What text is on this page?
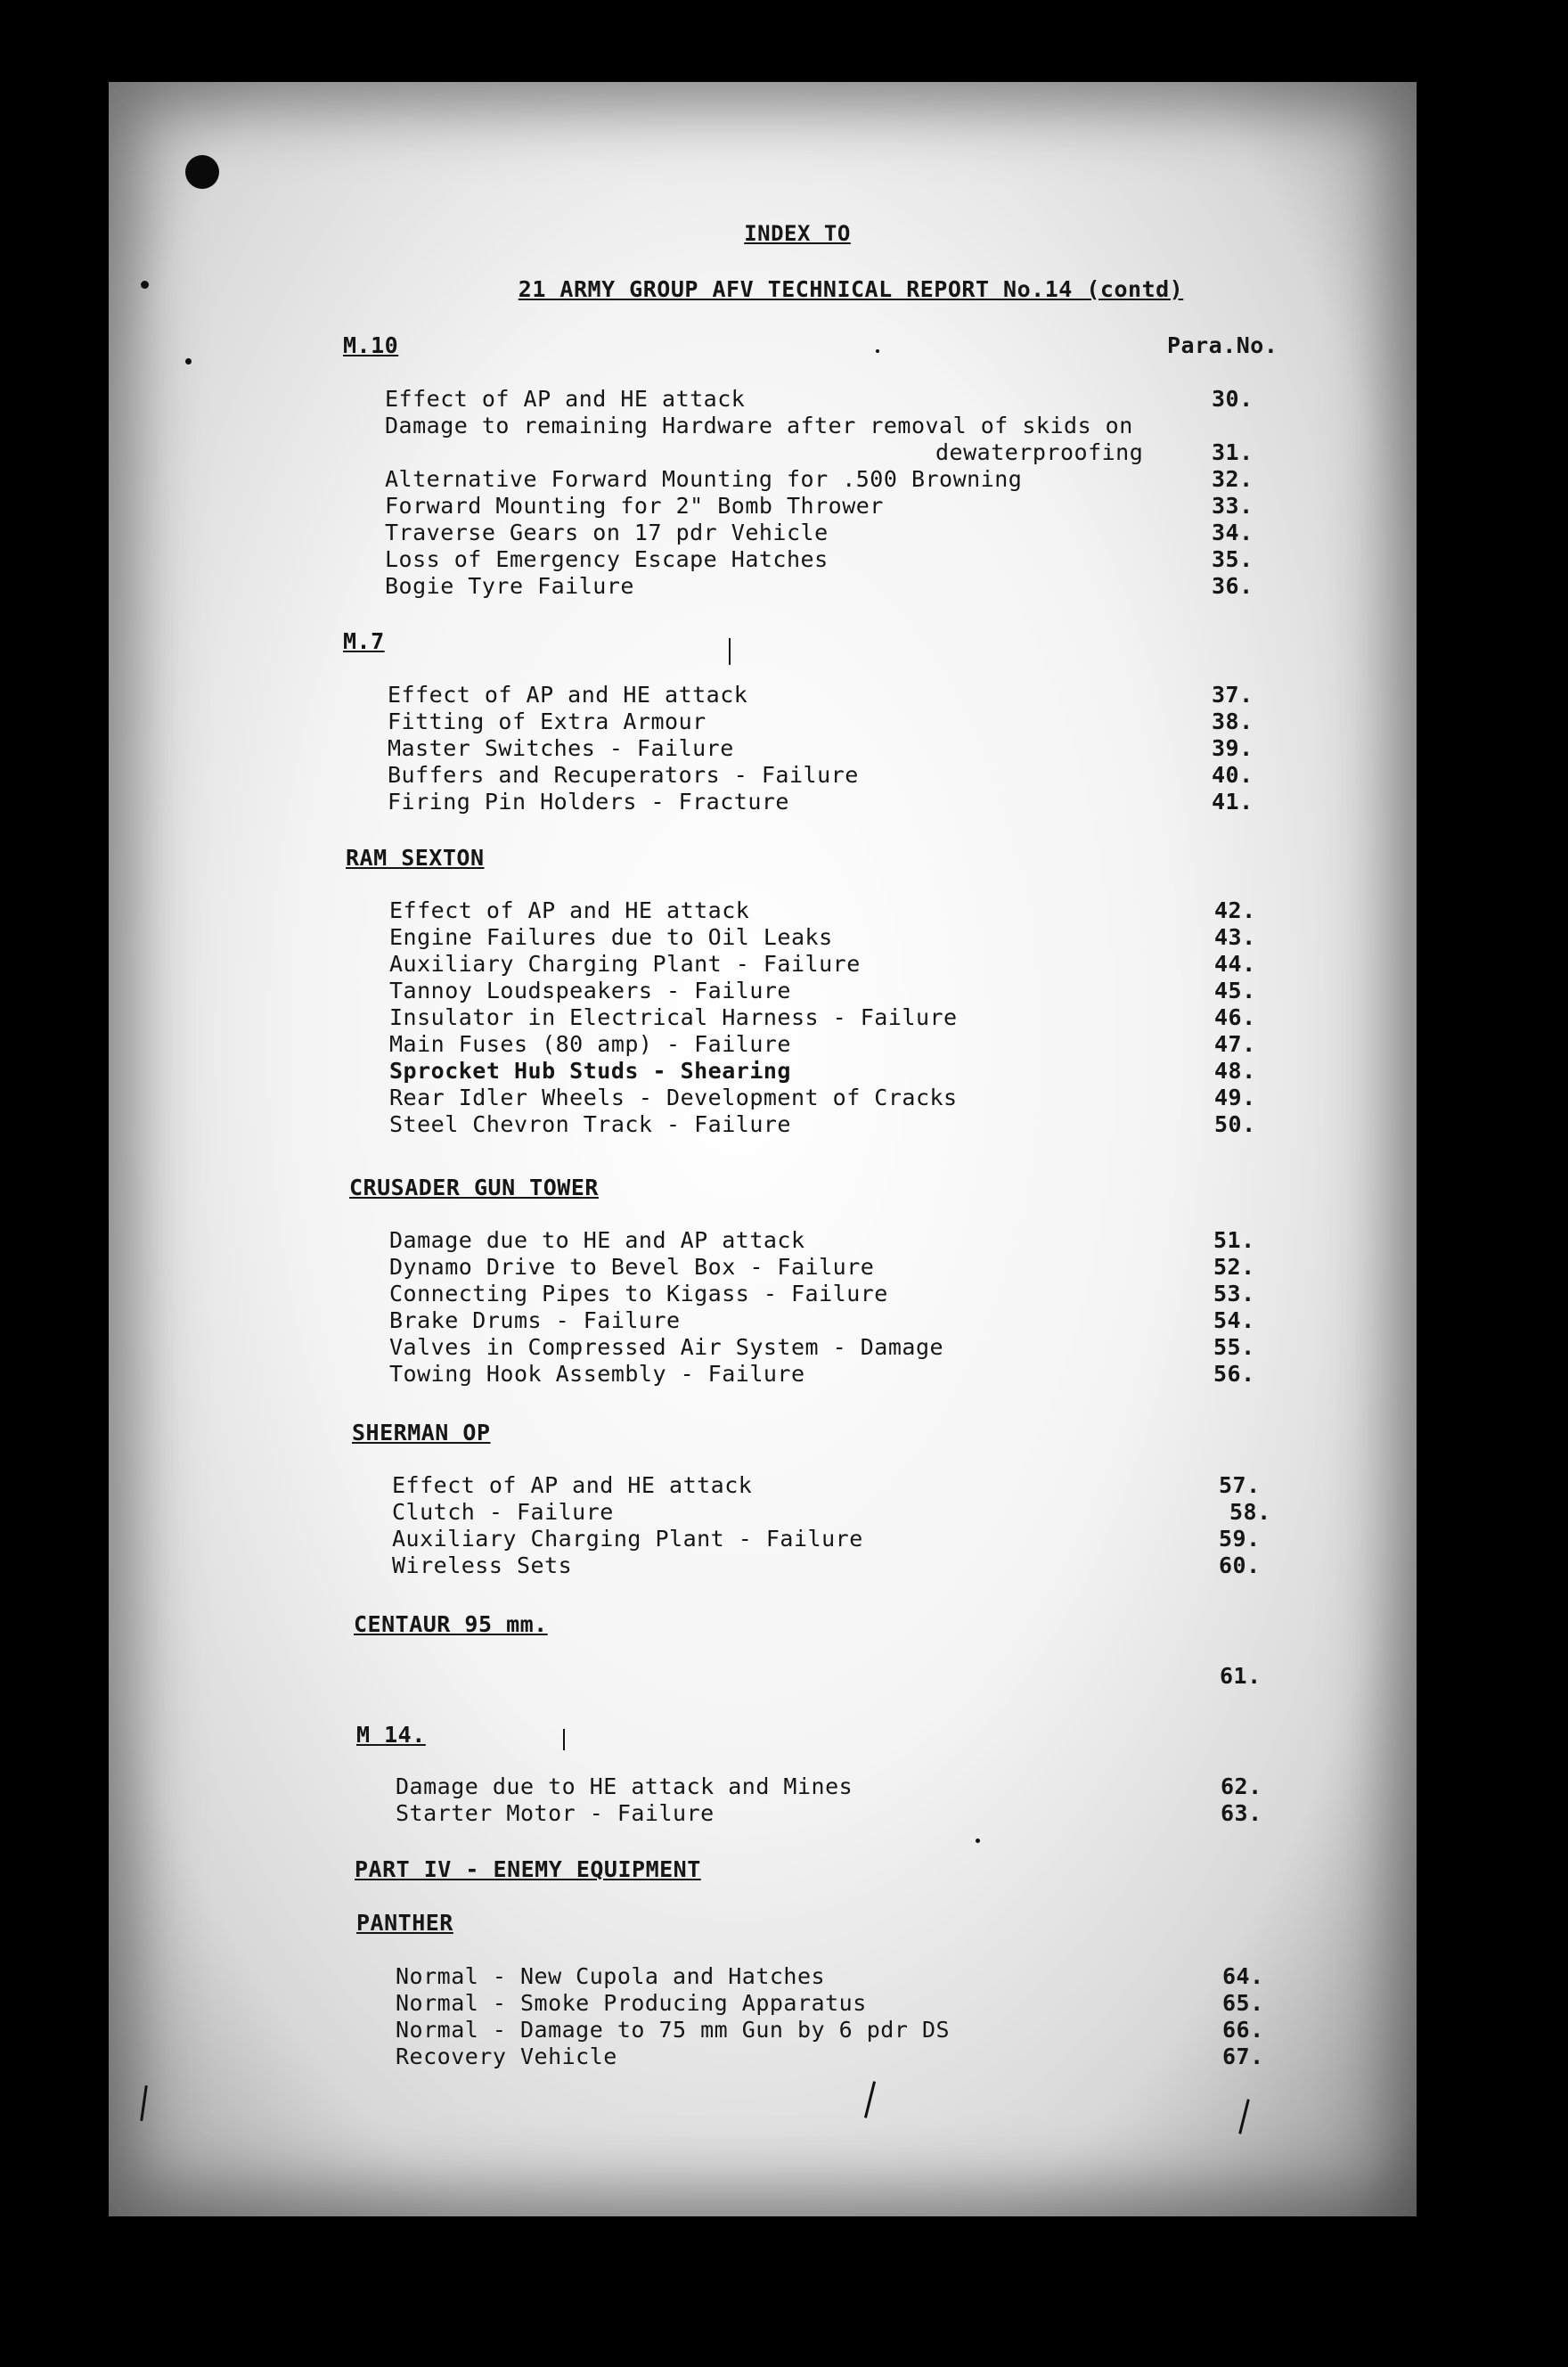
INDEX TO
21 ARMY GROUP AFV TECHNICAL REPORT No.14 (contd)
Para.No.
M.10
Effect of AP and HE attack	30.
Damage to remaining Hardware after removal of skids on
dewaterproofing	31.
Alternative Forward Mounting for .500 Browning	32.
Forward Mounting for 2" Bomb Thrower	33.
Traverse Gears on 17 pdr Vehicle	34.
Loss of Emergency Escape Hatches	35.
Bogie Tyre Failure	36.
M.7
Effect of AP and HE attack	37.
Fitting of Extra Armour	38.
Master Switches - Failure	39.
Buffers and Recuperators - Failure	40.
Firing Pin Holders - Fracture	41.
RAM SEXTON
Effect of AP and HE attack	42.
Engine Failures due to Oil Leaks	43.
Auxiliary Charging Plant - Failure	44.
Tannoy Loudspeakers - Failure	45.
Insulator in Electrical Harness - Failure	46.
Main Fuses (80 amp) - Failure	47.
Sprocket Hub Studs - Shearing	48.
Rear Idler Wheels - Development of Cracks	49.
Steel Chevron Track - Failure	50.
CRUSADER GUN TOWER
Damage due to HE and AP attack	51.
Dynamo Drive to Bevel Box - Failure	52.
Connecting Pipes to Kigass - Failure	53.
Brake Drums - Failure	54.
Valves in Compressed Air System - Damage	55.
Towing Hook Assembly - Failure	56.
SHERMAN OP
Effect of AP and HE attack	57.
Clutch - Failure	58.
Auxiliary Charging Plant - Failure	59.
Wireless Sets	60.
CENTAUR 95 mm.
61.
M 14.
Damage due to HE attack and Mines	62.
Starter Motor - Failure	63.
PART IV - ENEMY EQUIPMENT
PANTHER
Normal - New Cupola and Hatches	64.
Normal - Smoke Producing Apparatus	65.
Normal - Damage to 75 mm Gun by 6 pdr DS	66.
Recovery Vehicle	67.
